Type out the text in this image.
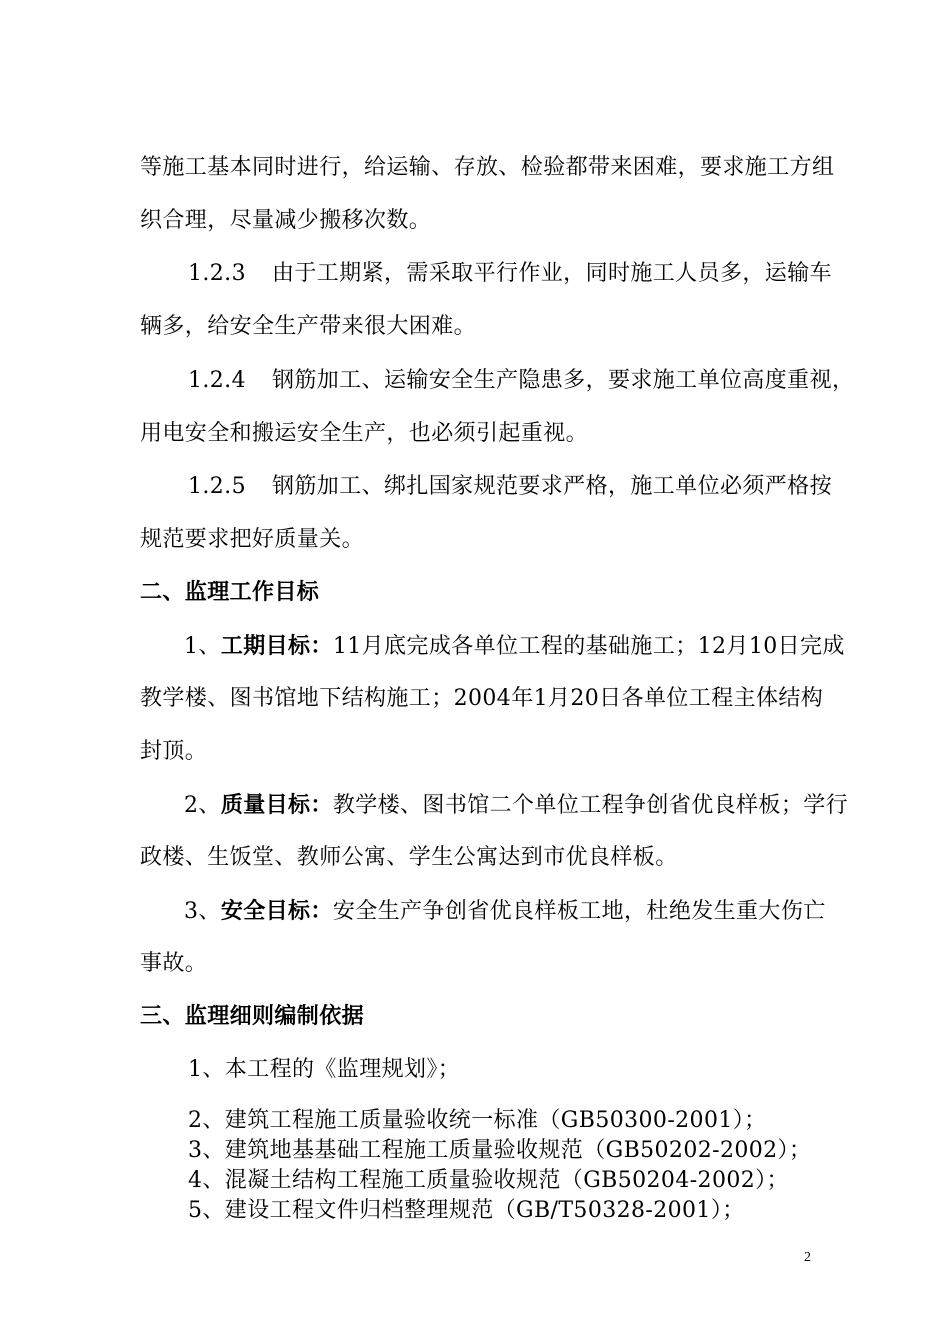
等施工基本同时进行，给运输、存放、检验都带来困难，要求施工方组
织合理，尽量减少搬移次数。
1.2.3 由于工期紧，需采取平行作业，同时施工人员多，运输车
辆多，给安全生产带来很大困难。
1.2.4 钢筋加工、运输安全生产隐患多，要求施工单位高度重视，
用电安全和搬运安全生产，也必须引起重视。
1.2.5 钢筋加工、绑扎国家规范要求严格，施工单位必须严格按
规范要求把好质量关。
二、监理工作目标
1、工期目标：11月底完成各单位工程的基础施工；12月10日完成
教学楼、图书馆地下结构施工；2004年1月20日各单位工程主体结构
封顶。
2、质量目标：教学楼、图书馆二个单位工程争创省优良样板；学行
政楼、生饭堂、教师公寓、学生公寓达到市优良样板。
3、安全目标：安全生产争创省优良样板工地，杜绝发生重大伤亡
事故。
三、监理细则编制依据
1、本工程的《监理规划》；
2、建筑工程施工质量验收统一标准（GB50300-2001）；
3、建筑地基基础工程施工质量验收规范（GB50202-2002）；
4、混凝土结构工程施工质量验收规范（GB50204-2002）；
5、建设工程文件归档整理规范（GB/T50328-2001）；
2
